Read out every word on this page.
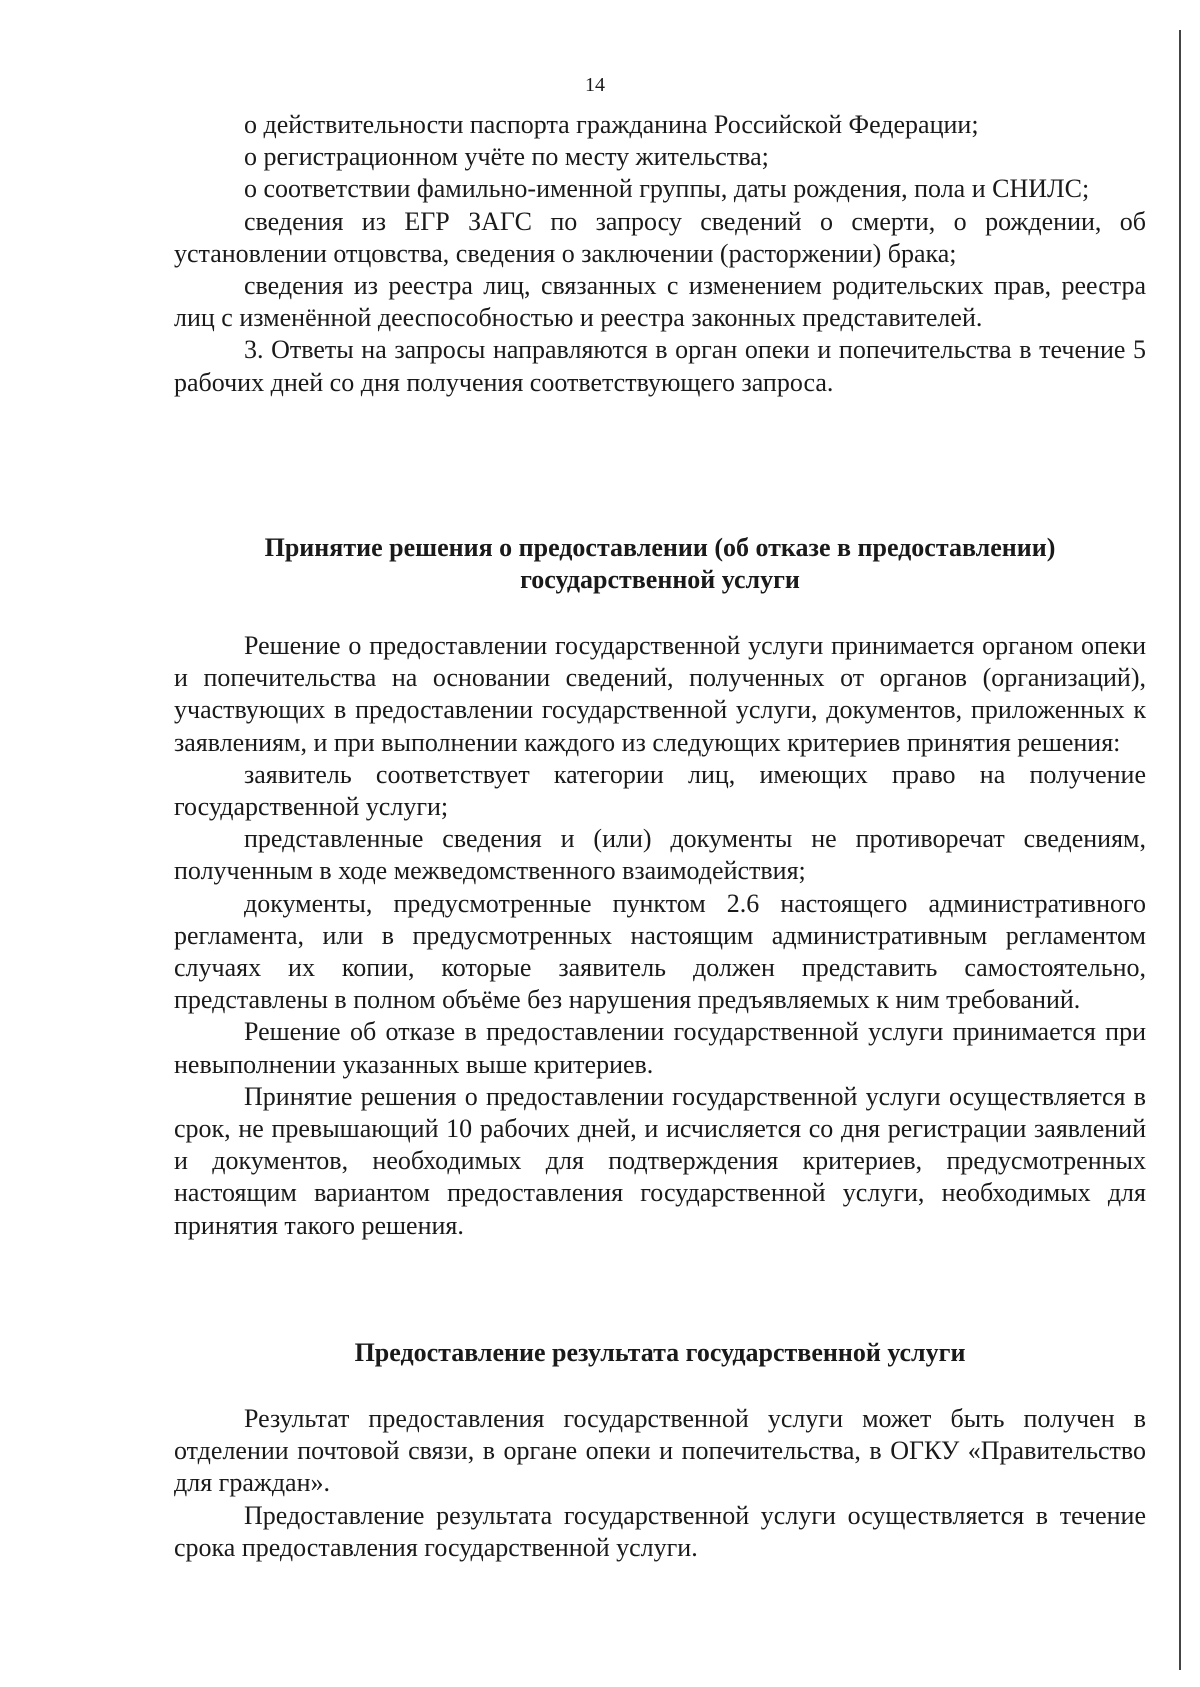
14

о действительности паспорта гражданина Российской Федерации;

о регистрационном учёте по месту жительства;

о соответствии фамильно-именной группы, даты рождения, пола и СНИЛС;

сведения из ЕГР ЗАГС по запросу сведений о смерти, о рождении, об установлении отцовства, сведения о заключении (расторжении) брака;

сведения из реестра лиц, связанных с изменением родительских прав, реестра лиц с изменённой дееспособностью и реестра законных представителей.

3. Ответы на запросы направляются в орган опеки и попечительства в течение 5 рабочих дней со дня получения соответствующего запроса.

Принятие решения о предоставлении (об отказе в предоставлении)
государственной услуги

Решение о предоставлении государственной услуги принимается органом опеки и попечительства на основании сведений, полученных от органов (организаций), участвующих в предоставлении государственной услуги, документов, приложенных к заявлениям, и при выполнении каждого из следующих критериев принятия решения:

заявитель соответствует категории лиц, имеющих право на получение государственной услуги;

представленные сведения и (или) документы не противоречат сведениям, полученным в ходе межведомственного взаимодействия;

документы, предусмотренные пунктом 2.6 настоящего административного регламента, или в предусмотренных настоящим административным регламентом случаях их копии, которые заявитель должен представить самостоятельно, представлены в полном объёме без нарушения предъявляемых к ним требований.

Решение об отказе в предоставлении государственной услуги принимается при невыполнении указанных выше критериев.

Принятие решения о предоставлении государственной услуги осуществляется в срок, не превышающий 10 рабочих дней, и исчисляется со дня регистрации заявлений и документов, необходимых для подтверждения критериев, предусмотренных настоящим вариантом предоставления государственной услуги, необходимых для принятия такого решения.

Предоставление результата государственной услуги

Результат предоставления государственной услуги может быть получен в отделении почтовой связи, в органе опеки и попечительства, в ОГКУ «Правительство для граждан».

Предоставление результата государственной услуги осуществляется в течение срока предоставления государственной услуги.
